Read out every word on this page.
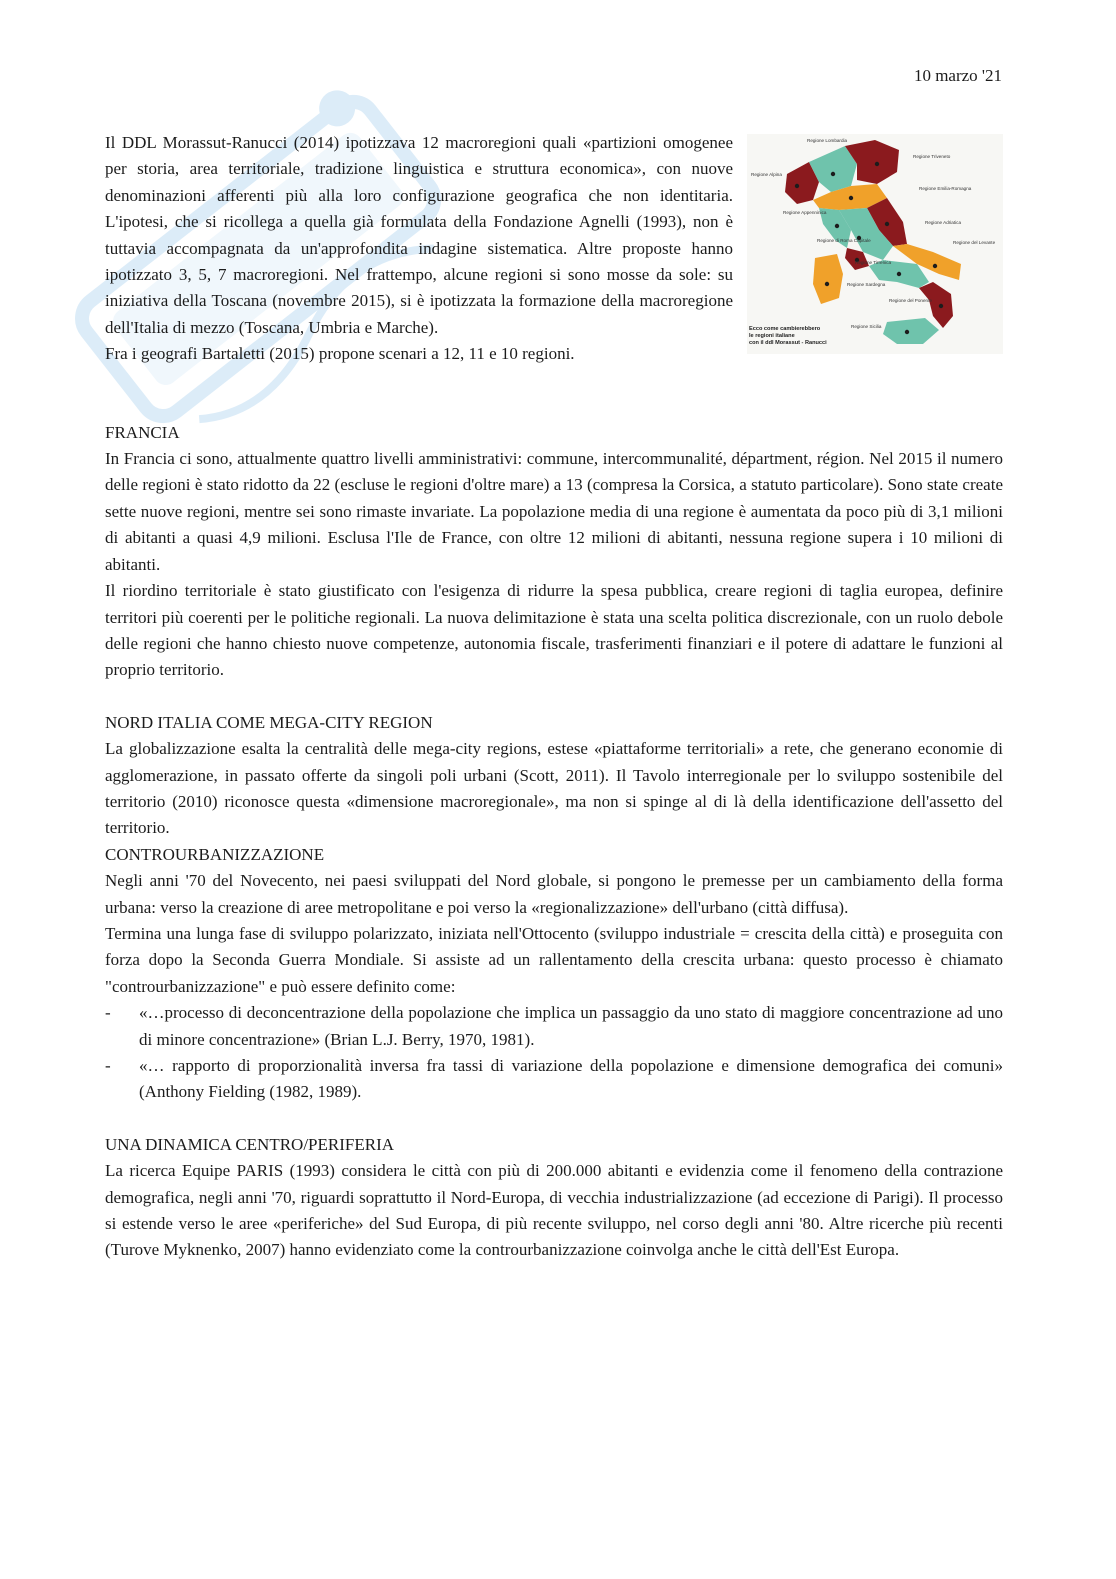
10 marzo '21

Il DDL Morassut-Ranucci (2014) ipotizzava 12 macroregioni quali «partizioni omogenee per storia, area territoriale, tradizione linguistica e struttura economica», con nuove denominazioni afferenti più alla loro configurazione geografica che non identitaria. L'ipotesi, che si ricollega a quella già formulata della Fondazione Agnelli (1993), non è tuttavia accompagnata da un'approfondita indagine sistematica. Altre proposte hanno ipotizzato 3, 5, 7 macroregioni. Nel frattempo, alcune regioni si sono mosse da sole: su iniziativa della Toscana (novembre 2015), si è ipotizzata la formazione della macroregione dell'Italia di mezzo (Toscana, Umbria e Marche).

Fra i geografi Bartaletti (2015) propone scenari a 12, 11 e 10 regioni.

Regione Lombardia
Regione Triveneto
Regione Alpina
Regione Emilia-Romagna
Regione Appenninica
Regione Adriatica
Regione Tirrenica
Regione di Roma Capitale	Regione del Levante
Regione Sardegna
Regione del Ponente
Regione Sicilia
Ecco come cambierebbero
le regioni italiane
con il ddl Morassut - Ranucci

FRANCIA

In Francia ci sono, attualmente quattro livelli amministrativi: commune, intercommunalité, départment, région. Nel 2015 il numero delle regioni è stato ridotto da 22 (escluse le regioni d'oltre mare) a 13 (compresa la Corsica, a statuto particolare). Sono state create sette nuove regioni, mentre sei sono rimaste invariate. La popolazione media di una regione è aumentata da poco più di 3,1 milioni di abitanti a quasi 4,9 milioni. Esclusa l'Ile de France, con oltre 12 milioni di abitanti, nessuna regione supera i 10 milioni di abitanti.

Il riordino territoriale è stato giustificato con l'esigenza di ridurre la spesa pubblica, creare regioni di taglia europea, definire territori più coerenti per le politiche regionali. La nuova delimitazione è stata una scelta politica discrezionale, con un ruolo debole delle regioni che hanno chiesto nuove competenze, autonomia fiscale, trasferimenti finanziari e il potere di adattare le funzioni al proprio territorio.

NORD ITALIA COME MEGA-CITY REGION

La globalizzazione esalta la centralità delle mega-city regions, estese «piattaforme territoriali» a rete, che generano economie di agglomerazione, in passato offerte da singoli poli urbani (Scott, 2011). Il Tavolo interregionale per lo sviluppo sostenibile del territorio (2010) riconosce questa «dimensione macroregionale», ma non si spinge al di là della identificazione dell'assetto del territorio.

CONTROURBANIZZAZIONE

Negli anni '70 del Novecento, nei paesi sviluppati del Nord globale, si pongono le premesse per un cambiamento della forma urbana: verso la creazione di aree metropolitane e poi verso la «regionalizzazione» dell'urbano (città diffusa).

Termina una lunga fase di sviluppo polarizzato, iniziata nell'Ottocento (sviluppo industriale = crescita della città) e proseguita con forza dopo la Seconda Guerra Mondiale. Si assiste ad un rallentamento della crescita urbana: questo processo è chiamato "controurbanizzazione" e può essere definito come:

- «…processo di deconcentrazione della popolazione che implica un passaggio da uno stato di maggiore concentrazione ad uno di minore concentrazione» (Brian L.J. Berry, 1970, 1981).
- «… rapporto di proporzionalità inversa fra tassi di variazione della popolazione e dimensione demografica dei comuni» (Anthony Fielding (1982, 1989).

UNA DINAMICA CENTRO/PERIFERIA

La ricerca Equipe PARIS (1993) considera le città con più di 200.000 abitanti e evidenzia come il fenomeno della contrazione demografica, negli anni '70, riguardi soprattutto il Nord-Europa, di vecchia industrializzazione (ad eccezione di Parigi). Il processo si estende verso le aree «periferiche» del Sud Europa, di più recente sviluppo, nel corso degli anni '80. Altre ricerche più recenti (Turove Myknenko, 2007) hanno evidenziato come la controurbanizzazione coinvolga anche le città dell'Est Europa.
